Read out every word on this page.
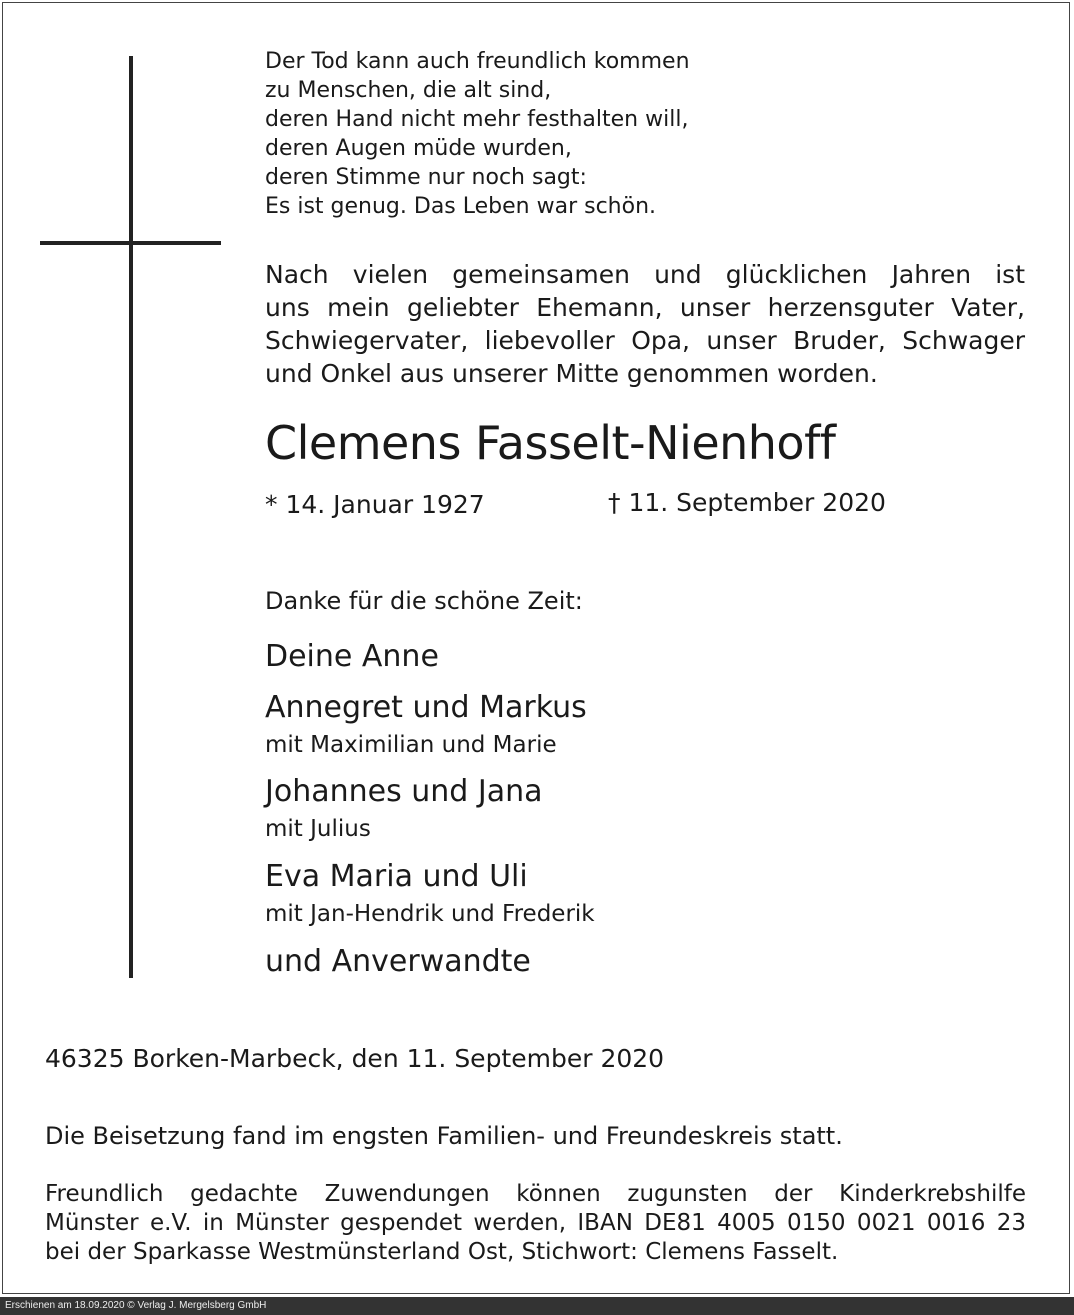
Der Tod kann auch freundlich kommen
zu Menschen, die alt sind,
deren Hand nicht mehr festhalten will,
deren Augen müde wurden,
deren Stimme nur noch sagt:
Es ist genug. Das Leben war schön.
Nach vielen gemeinsamen und glücklichen Jahren ist
uns mein geliebter Ehemann, unser herzensguter Vater,
Schwiegervater, liebevoller Opa, unser Bruder, Schwager
und Onkel aus unserer Mitte genommen worden.
Clemens Fasselt-Nienhoff
* 14. Januar 1927	† 11. September 2020
Danke für die schöne Zeit:
Deine Anne
Annegret und Markus
mit Maximilian und Marie
Johannes und Jana
mit Julius
Eva Maria und Uli
mit Jan-Hendrik und Frederik
und Anverwandte
46325 Borken-Marbeck, den 11. September 2020
Die Beisetzung fand im engsten Familien- und Freundeskreis statt.
Freundlich gedachte Zuwendungen können zugunsten der Kinderkrebshilfe
Münster e.V. in Münster gespendet werden, IBAN DE81 4005 0150 0021 0016 23
bei der Sparkasse Westmünsterland Ost, Stichwort: Clemens Fasselt.
Erschienen am 18.09.2020 © Verlag J. Mergelsberg GmbH
